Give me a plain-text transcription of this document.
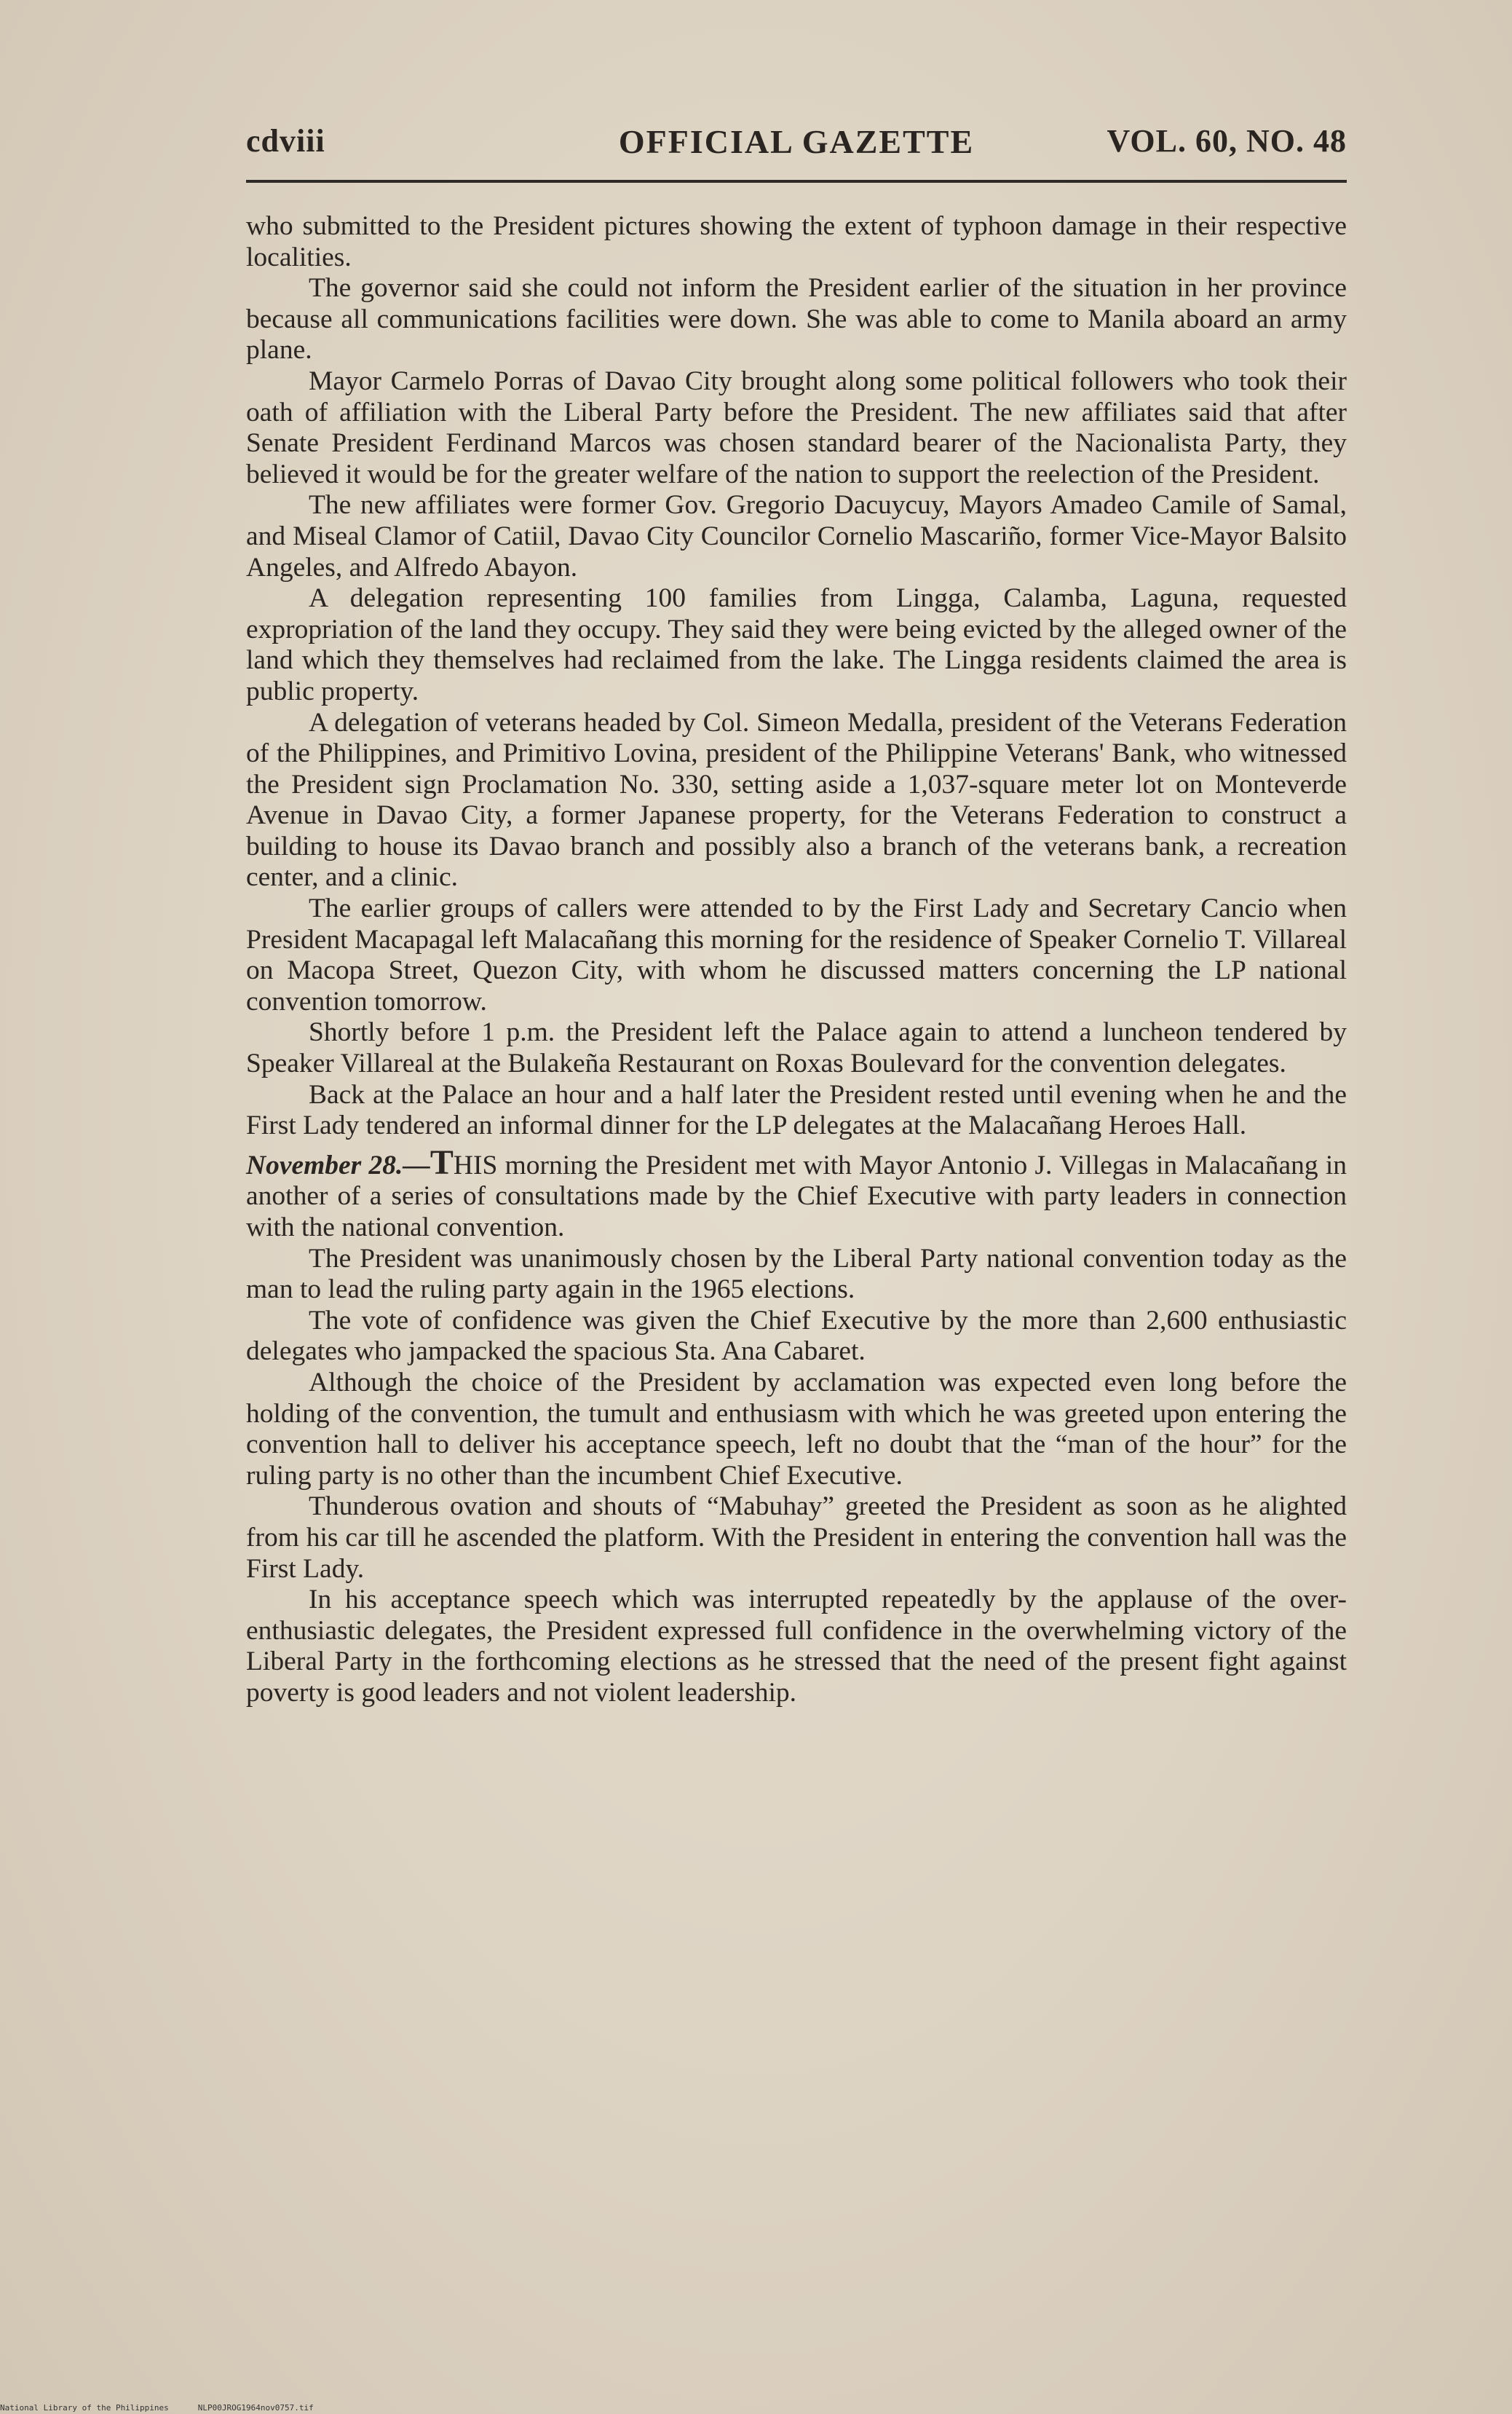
cdviii	OFFICIAL GAZETTE	VOL. 60, NO. 48

who submitted to the President pictures showing the extent of typhoon damage in their respective localities.

The governor said she could not inform the President earlier of the situation in her province because all communications facilities were down. She was able to come to Manila aboard an army plane.

Mayor Carmelo Porras of Davao City brought along some political followers who took their oath of affiliation with the Liberal Party before the President. The new affiliates said that after Senate President Ferdinand Marcos was chosen standard bearer of the Nacionalista Party, they believed it would be for the greater welfare of the nation to support the reelection of the President.

The new affiliates were former Gov. Gregorio Dacuycuy, Mayors Amadeo Camile of Samal, and Miseal Clamor of Catiil, Davao City Councilor Cornelio Mascariño, former Vice-Mayor Balsito Angeles, and Alfredo Abayon.

A delegation representing 100 families from Lingga, Calamba, Laguna, requested expropriation of the land they occupy. They said they were being evicted by the alleged owner of the land which they themselves had reclaimed from the lake. The Lingga residents claimed the area is public property.

A delegation of veterans headed by Col. Simeon Medalla, president of the Veterans Federation of the Philippines, and Primitivo Lovina, president of the Philippine Veterans' Bank, who witnessed the President sign Proclamation No. 330, setting aside a 1,037-square meter lot on Monteverde Avenue in Davao City, a former Japanese property, for the Veterans Federation to construct a building to house its Davao branch and possibly also a branch of the veterans bank, a recreation center, and a clinic.

The earlier groups of callers were attended to by the First Lady and Secretary Cancio when President Macapagal left Malacañang this morning for the residence of Speaker Cornelio T. Villareal on Macopa Street, Quezon City, with whom he discussed matters concerning the LP national convention tomorrow.

Shortly before 1 p.m. the President left the Palace again to attend a luncheon tendered by Speaker Villareal at the Bulakeña Restaurant on Roxas Boulevard for the convention delegates.

Back at the Palace an hour and a half later the President rested until evening when he and the First Lady tendered an informal dinner for the LP delegates at the Malacañang Heroes Hall.

November 28.—THIS morning the President met with Mayor Antonio J. Villegas in Malacañang in another of a series of consultations made by the Chief Executive with party leaders in connection with the national convention.

The President was unanimously chosen by the Liberal Party national convention today as the man to lead the ruling party again in the 1965 elections.

The vote of confidence was given the Chief Executive by the more than 2,600 enthusiastic delegates who jampacked the spacious Sta. Ana Cabaret.

Although the choice of the President by acclamation was expected even long before the holding of the convention, the tumult and enthusiasm with which he was greeted upon entering the convention hall to deliver his acceptance speech, left no doubt that the “man of the hour” for the ruling party is no other than the incumbent Chief Executive.

Thunderous ovation and shouts of “Mabuhay” greeted the President as soon as he alighted from his car till he ascended the platform. With the President in entering the convention hall was the First Lady.

In his acceptance speech which was interrupted repeatedly by the applause of the over-enthusiastic delegates, the President expressed full confidence in the overwhelming victory of the Liberal Party in the forthcoming elections as he stressed that the need of the present fight against poverty is good leaders and not violent leadership.

National Library of the Philippines	NLP00JROG1964nov0757.tif
